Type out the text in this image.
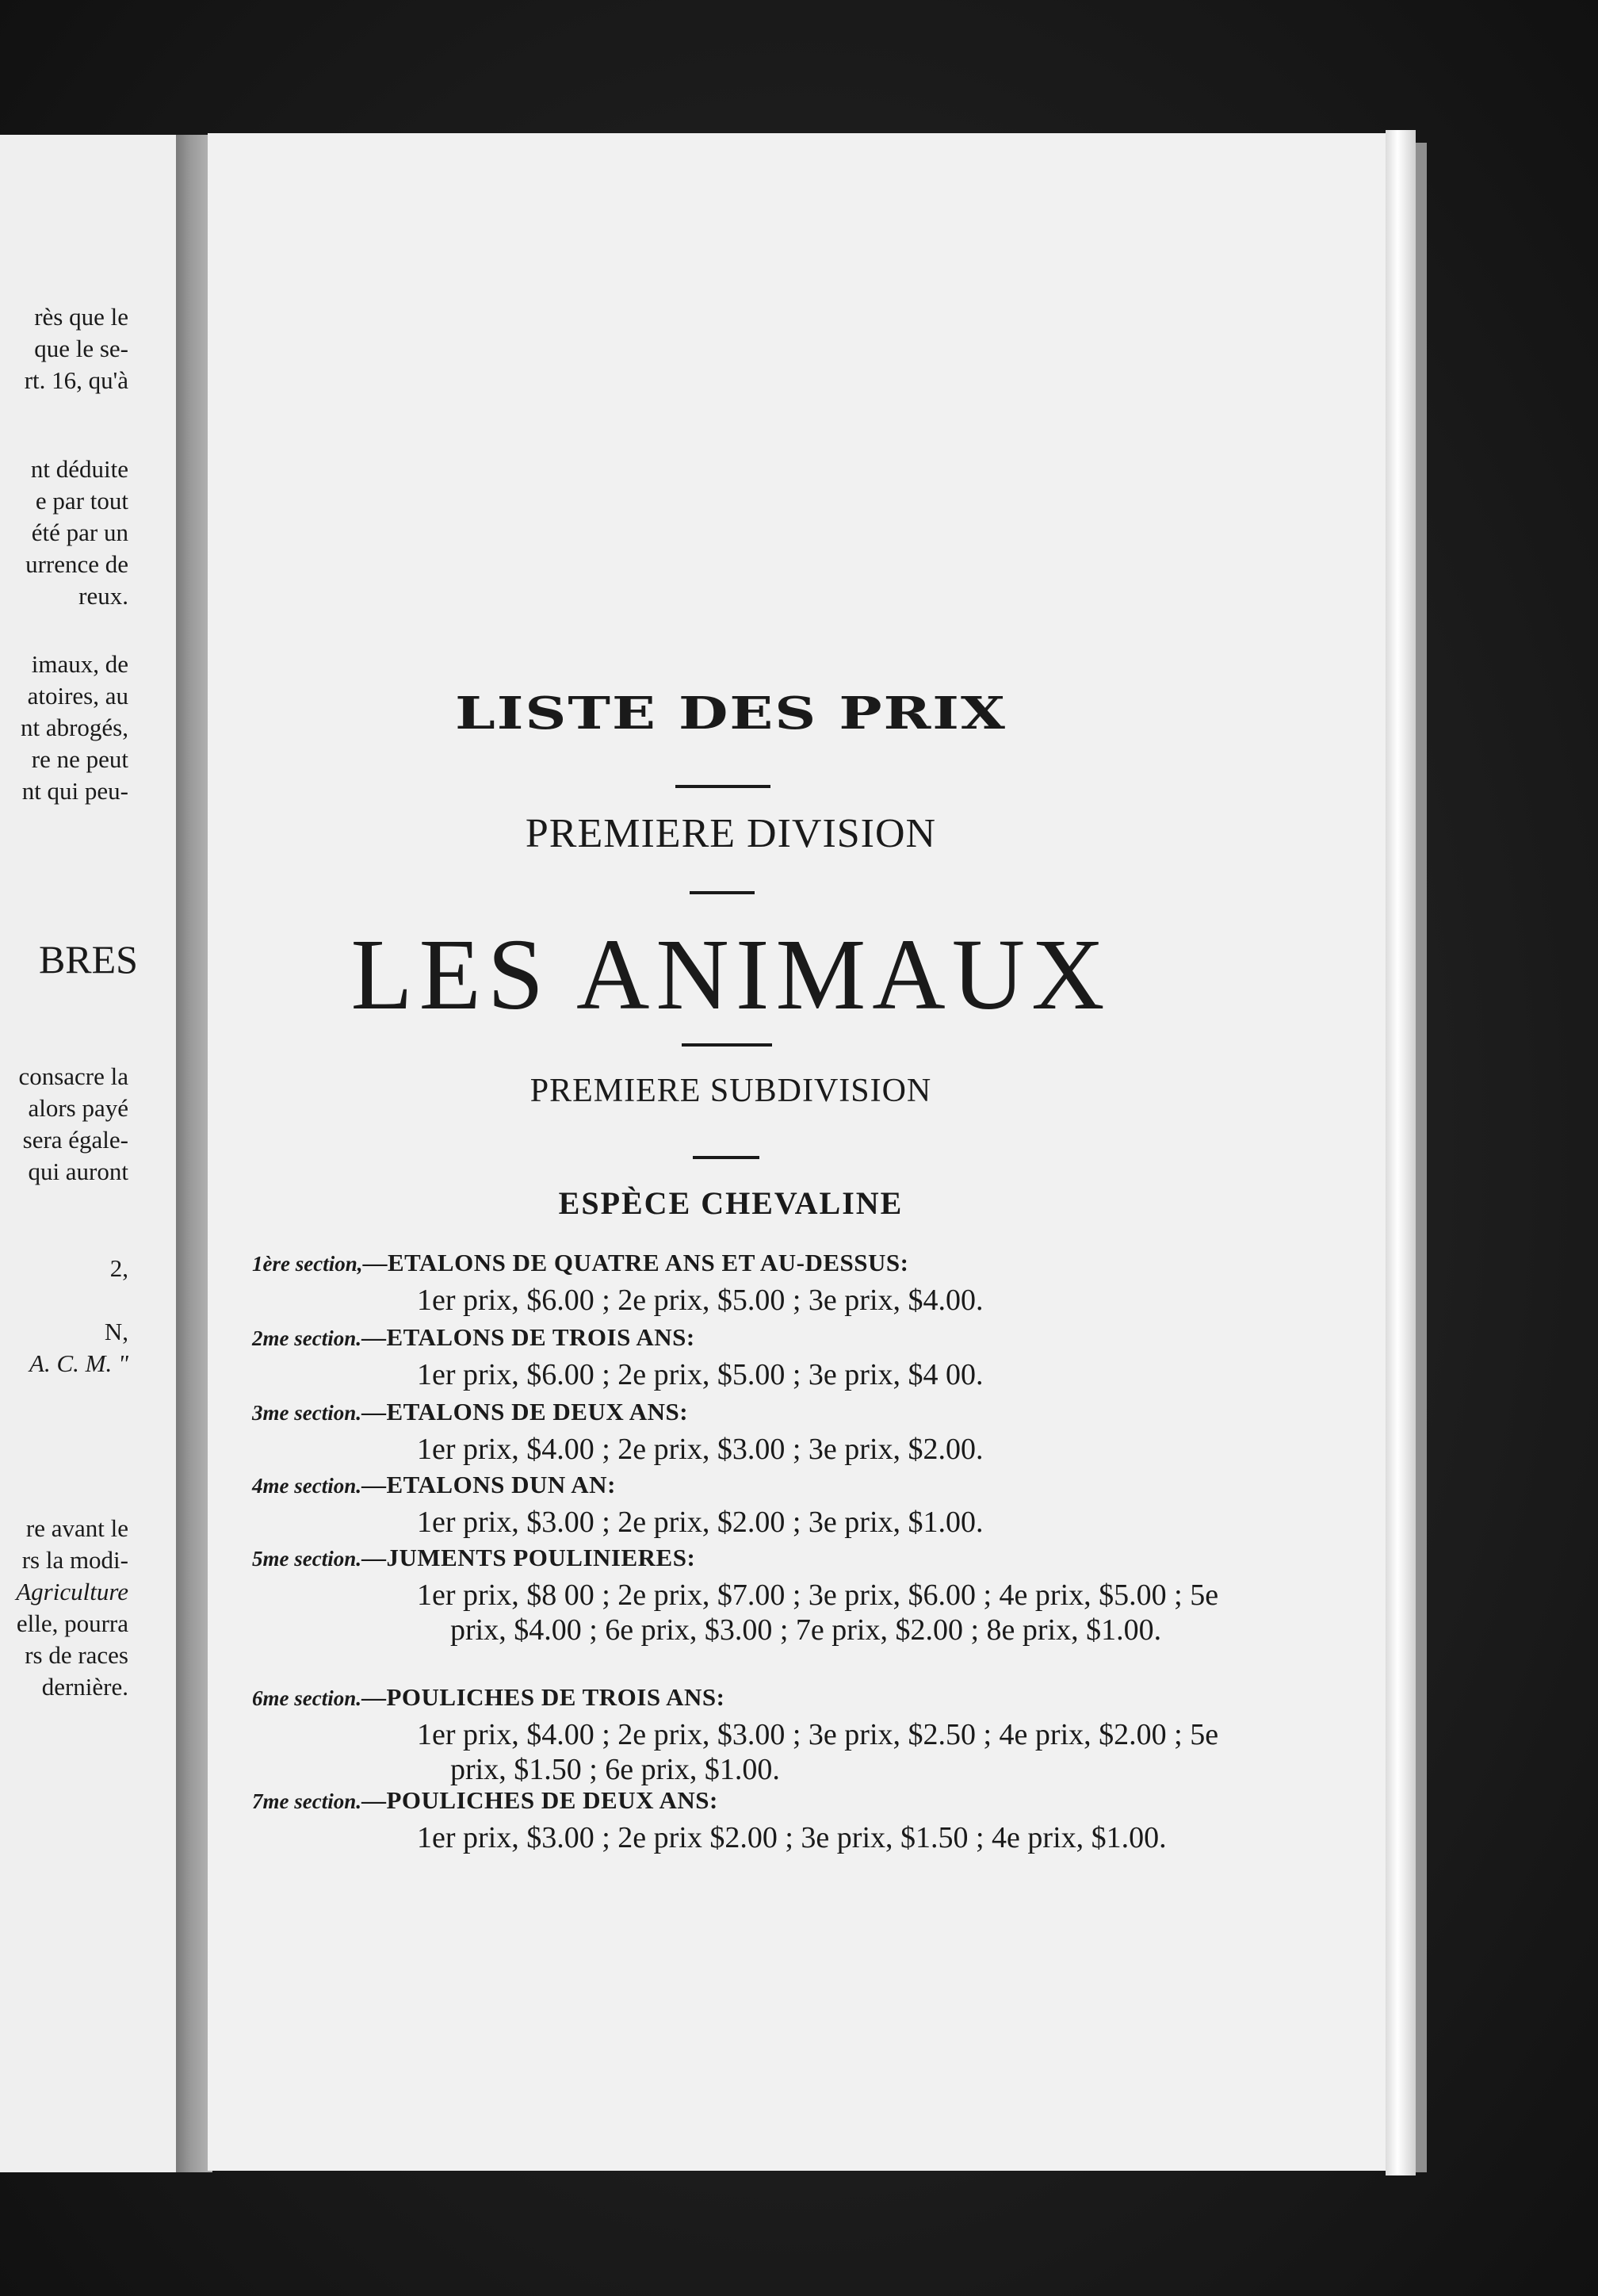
rès que le
que le se-
rt. 16, qu'à
nt déduite
e par tout
été par un
urrence de
reux.
imaux, de
atoires, au
nt abrogés,
re ne peut
nt qui peu-
consacre la
alors payé
sera égale-
qui auront
2,
N,
A. C. M. "
re avant le
rs la modi-
Agriculture
elle, pourra
rs de races
dernière.
BRES
LISTE DES PRIX
PREMIERE DIVISION
LES ANIMAUX
PREMIERE SUBDIVISION
ESPÈCE CHEVALINE
1ère section,—ETALONS DE QUATRE ANS ET AU-DESSUS:
1er prix, $6.00 ; 2e prix, $5.00 ; 3e prix, $4.00.
2me section.—ETALONS DE TROIS ANS:
1er prix, $6.00 ; 2e prix, $5.00 ; 3e prix, $4 00.
3me section.—ETALONS DE DEUX ANS:
1er prix, $4.00 ; 2e prix, $3.00 ; 3e prix, $2.00.
4me section.—ETALONS DUN AN:
1er prix, $3.00 ; 2e prix, $2.00 ; 3e prix, $1.00.
5me section.—JUMENTS POULINIERES:
1er prix, $8 00 ; 2e prix, $7.00 ; 3e prix, $6.00 ; 4e prix, $5.00 ; 5e prix, $4.00 ; 6e prix, $3.00 ; 7e prix, $2.00 ; 8e prix, $1.00.
6me section.—POULICHES DE TROIS ANS:
1er prix, $4.00 ; 2e prix, $3.00 ; 3e prix, $2.50 ; 4e prix, $2.00 ; 5e prix, $1.50 ; 6e prix, $1.00.
7me section.—POULICHES DE DEUX ANS:
1er prix, $3.00 ; 2e prix $2.00 ; 3e prix, $1.50 ; 4e prix, $1.00.
